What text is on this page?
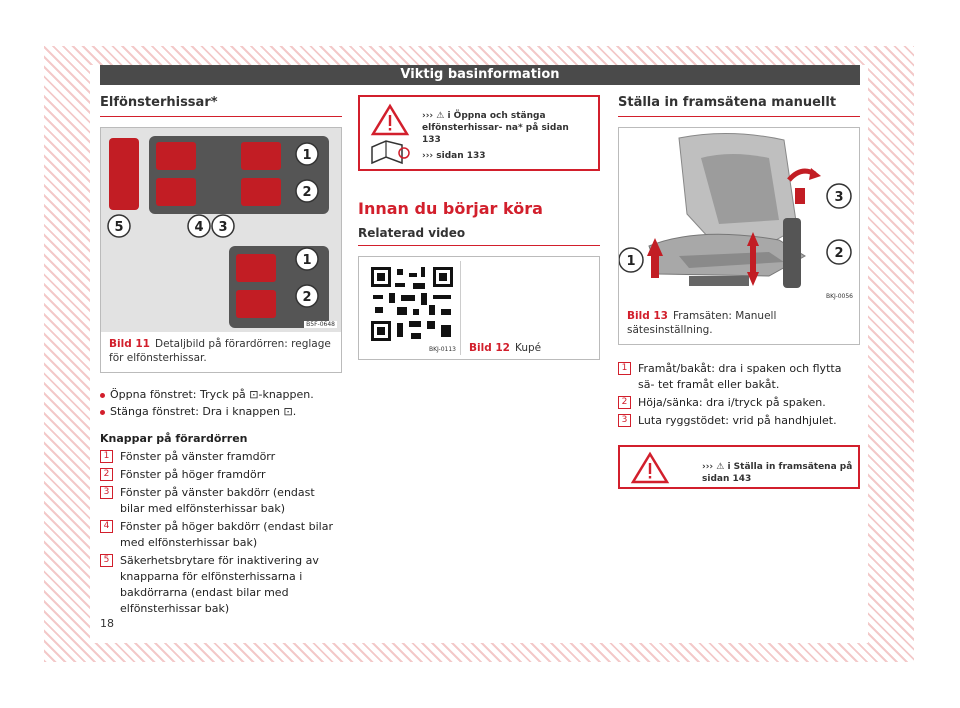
Viktig basinformation
Elfönsterhissar*
1
2
3
4
5
1
2
B5F-0648
Bild 11 Detaljbild på förardörren: reglage för elfönsterhissar.
Öppna fönstret: Tryck på ⊡-knappen.
Stänga fönstret: Dra i knappen ⊡.
Knappar på förardörren
1 Fönster på vänster framdörr
2 Fönster på höger framdörr
3 Fönster på vänster bakdörr (endast bilar med elfönsterhissar bak)
4 Fönster på höger bakdörr (endast bilar med elfönsterhissar bak)
5 Säkerhetsbrytare för inaktivering av knapparna för elfönsterhissarna i bakdörrarna (endast bilar med elfönsterhissar bak)
››› ⚠ i Öppna och stänga elfönsterhissar- na* på sidan 133
››› sidan 133
Innan du börjar köra
Relaterad video
BKJ-0113 Bild 12 Kupé
Ställa in framsätena manuellt
3
1
2
BKJ-0056
Bild 13 Framsäten: Manuell sätesinställning.
1 Framåt/bakåt: dra i spaken och flytta sä- tet framåt eller bakåt.
2 Höja/sänka: dra i/tryck på spaken.
3 Luta ryggstödet: vrid på handhjulet.
››› ⚠ i Ställa in framsätena på sidan 143
18
